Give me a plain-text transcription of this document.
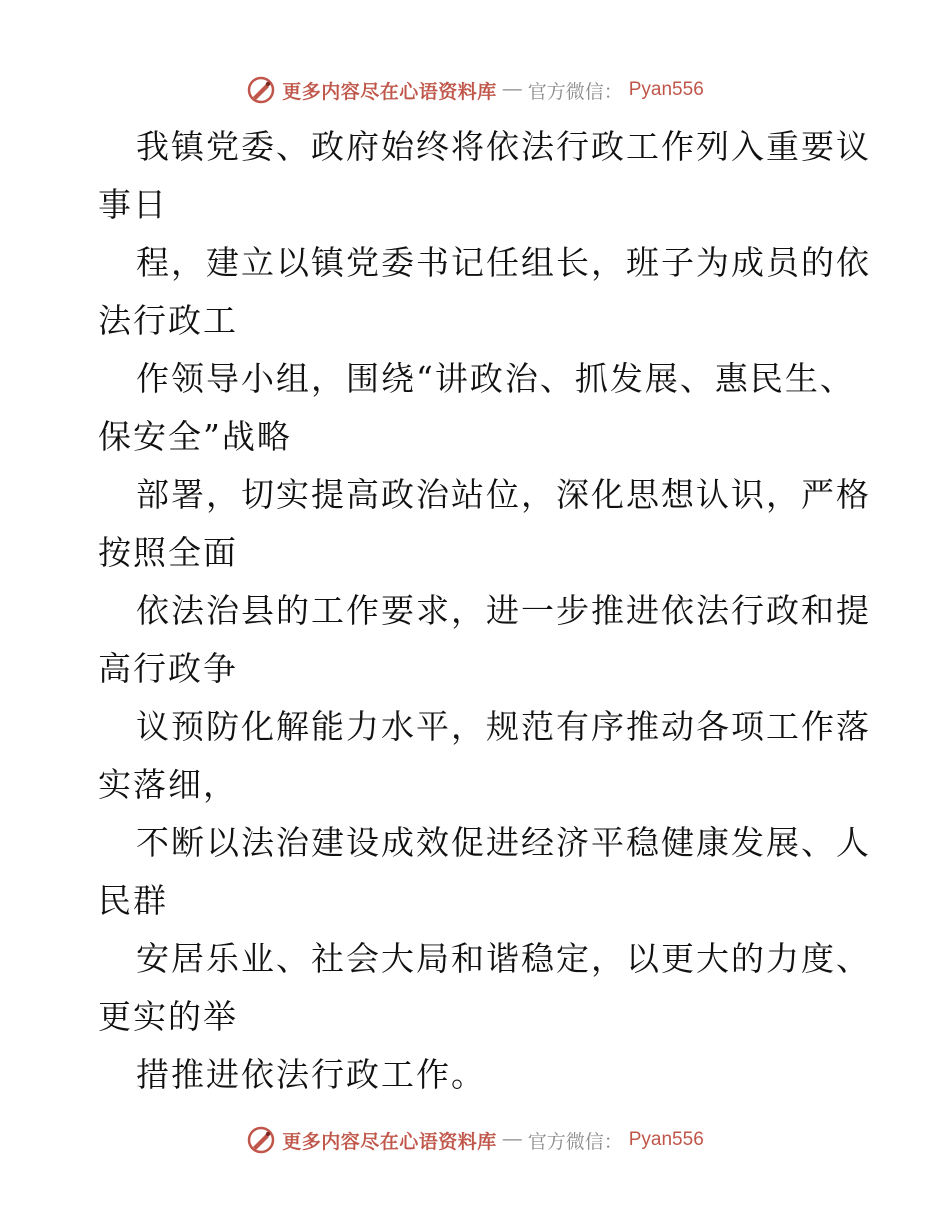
更多内容尽在心语资料库 — 官方微信： Pyan556
我镇党委、政府始终将依法行政工作列入重要议
事日
程，建立以镇党委书记任组长，班子为成员的依
法行政工
作领导小组，围绕“讲政治、抓发展、惠民生、
保安全”战略
部署，切实提高政治站位，深化思想认识，严格
按照全面
依法治县的工作要求，进一步推进依法行政和提
高行政争
议预防化解能力水平，规范有序推动各项工作落
实落细，
不断以法治建设成效促进经济平稳健康发展、人
民群
安居乐业、社会大局和谐稳定，以更大的力度、
更实的举
措推进依法行政工作。
更多内容尽在心语资料库 — 官方微信： Pyan556
